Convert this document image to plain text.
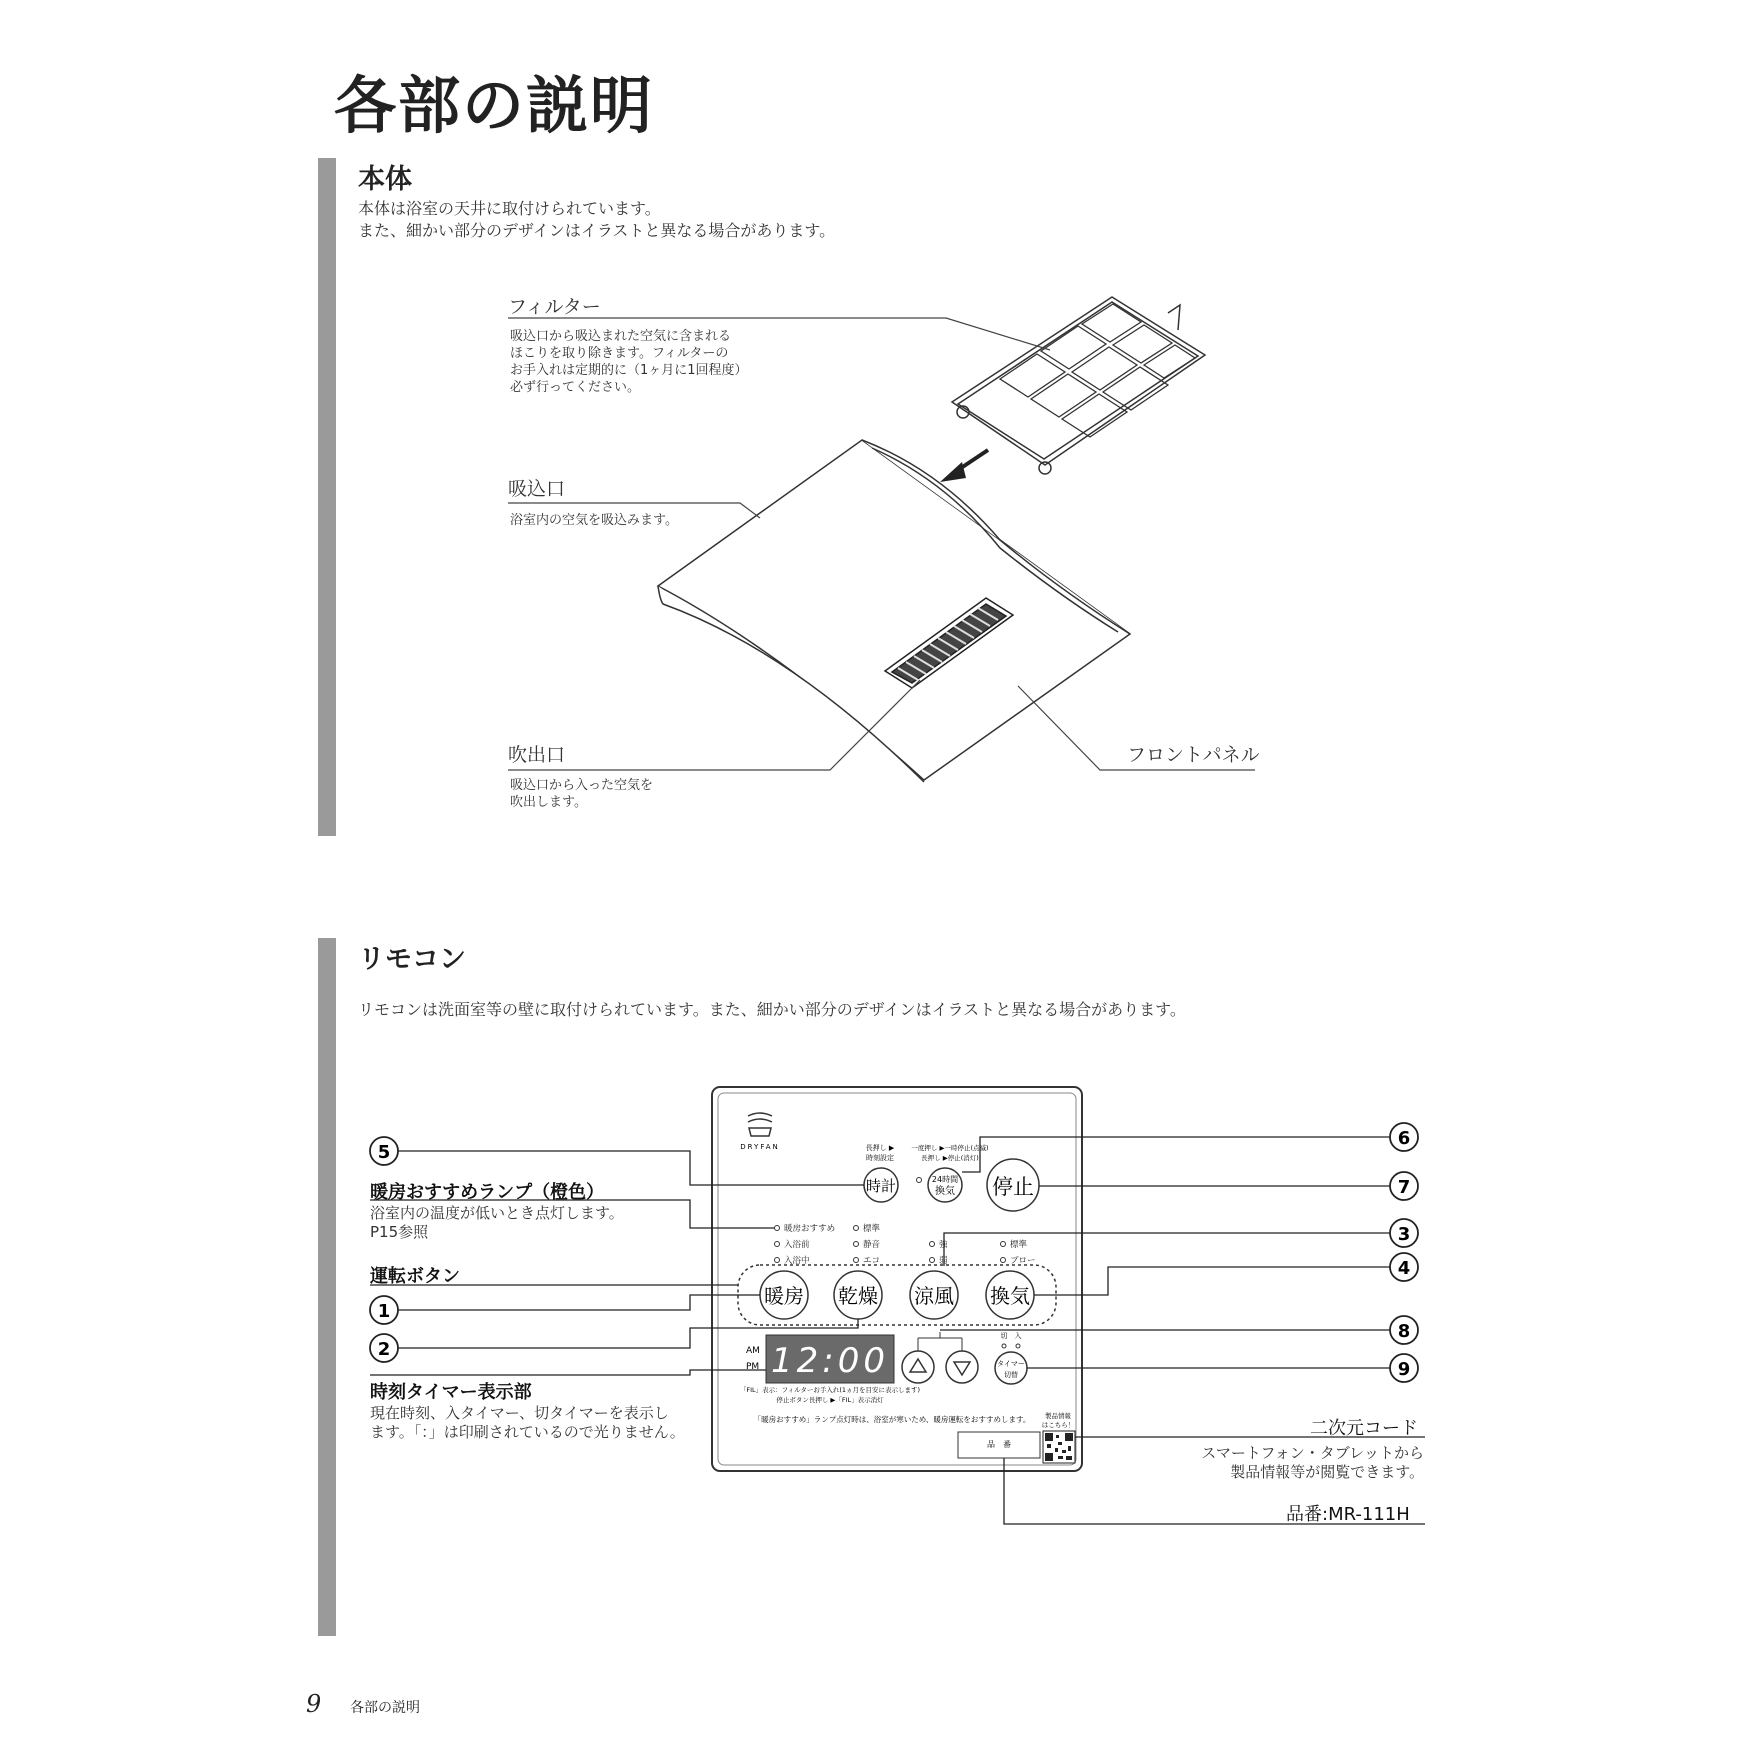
各部の説明
本体
本体は浴室の天井に取付けられています。
また、細かい部分のデザインはイラストと異なる場合があります。
フィルター
吸込口から吸込まれた空気に含まれる
ほこりを取り除きます。フィルターの
お手入れは定期的に（1ヶ月に1回程度）
必ず行ってください。
吸込口
浴室内の空気を吸込みます。
吹出口
吸込口から入った空気を
吹出します。
フロントパネル
リモコン
リモコンは洗面室等の壁に取付けられています。また、細かい部分のデザインはイラストと異なる場合があります。
DRYFAN	長押し ▶
時刻設定
一度押し ▶一時停止(点滅)
長押し ▶停止(消灯)
時計	24時間
換気 停止
暖房おすすめ
入浴前
入浴中
標準
静音
エコ
強
弱
標準
ブロー
暖房 乾燥 涼風 換気
AM
PM 12:00
切 入
タイマー
切替
「FIL」表示：フィルターお手入れ(1ヵ月を目安に表示します)
停止ボタン長押し ▶「FIL」表示消灯
「暖房おすすめ」ランプ点灯時は、浴室が寒いため、暖房運転をおすすめします。 製品情報
はこちら！
品　番
5
1
2
6
7
3
4
8
9
暖房おすすめランプ（橙色）
浴室内の温度が低いとき点灯します。
P15参照
運転ボタン
時刻タイマー表示部
現在時刻、入タイマー、切タイマーを表示し
ます。「：」は印刷されているので光りません。	二次元コード
スマートフォン・タブレットから
製品情報等が閲覧できます。
品番:MR-111H
9 各部の説明
